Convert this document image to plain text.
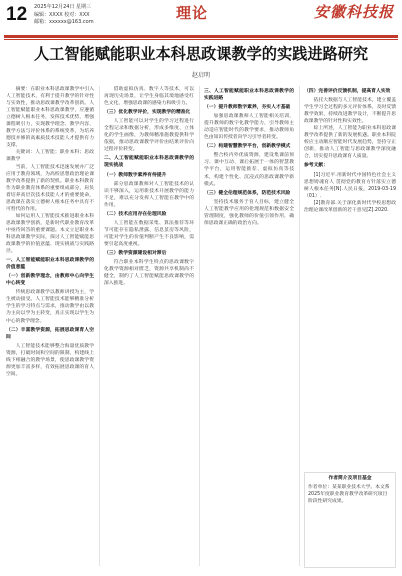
12 2025年12月24日 星期三
编辑：XXXX 校对：XXX
邮箱：xxxxxx@163.com
理论	安徽科技报
人工智能赋能职业本科思政课教学的实践进路研究
赵启明

摘要：在职业本科思政课教学中引入人工智能技术，有利于提升教学的针对性与实效性，推动思政课教学改革创新。人工智能赋能职业本科思政课教学，应遵循立德树人根本任务，发挥技术优势，增强课程吸引力，实现教学理念、教学内容、教学方法与评价体系的系统变革，为培养德技并修的高素质技术技能人才提供有力支撑。

关键词：人工智能；职业本科；思政课教学

当前，人工智能技术迅速发展并广泛应用于教育领域，为高校思想政治理论课教学改革提供了新的契机。职业本科教育作为职业教育体系的重要组成部分，肩负着培养高层次技术技能人才的重要使命，思政课在落实立德树人根本任务中具有不可替代的作用。

如何运用人工智能技术推进职业本科思政课教学创新，是新时代职业教育改革中亟待回答的重要课题。本文立足职业本科思政课教学实际，探讨人工智能赋能思政课教学的价值意蕴、现实挑战与实践路径。

一、人工智能赋能职业本科思政课教学的价值意蕴

（一）创新教学理念，由教师中心向学生中心转变

传统思政课教学以教师讲授为主，学生被动接受。人工智能技术能够精准分析学生的学习特点与需求，推动教学由以教为主向以学为主转变，真正实现以学生为中心的教学理念。

（二）丰富教学资源，拓展思政课育人空间

人工智能技术能够整合海量优质教学资源，打破时间和空间的限制，构建线上线下相融合的教学场景，使思政课教学资源更加丰富多样，有效拓展思政课的育人空间。

借助虚拟仿真、数字人等技术，可以再现历史场景，让学生身临其境地感受红色文化，增强思政课的感染力和吸引力。

（三）优化教学评价，实现教学的精准化

人工智能可以对学生的学习过程进行全程记录和数据分析，形成多维度、立体化的学生画像，为教师精准施教提供科学依据，推动思政课教学评价由结果评价向过程评价转变。

二、人工智能赋能职业本科思政课教学的现实挑战

（一）教师数字素养有待提升

部分思政课教师对人工智能技术的认识不够深入，运用新技术开展教学的能力不足，难以充分发挥人工智能在教学中的作用。

（二）技术应用存在伦理风险

人工智能在数据采集、算法推荐等环节可能存在隐私泄露、信息茧房等风险，可能对学生的价值判断产生不良影响，需要引起高度重视。

（三）教学资源建设相对滞后

符合职业本科学生特点的思政课数字化教学资源相对匮乏，资源共享机制尚不健全，制约了人工智能赋能思政课教学的深入推进。

三、人工智能赋能职业本科思政课教学的实践进路

（一）提升教师数字素养，夯实人才基础

加强思政课教师人工智能相关培训，提升教师的数字化教学能力，引导教师主动适应智能时代的教学要求，推动教师角色由知识传授者向学习引导者转变。

（二）构建智慧教学平台，创新教学模式

整合校内外优质资源，建设集课前预习、课中互动、课后拓展于一体的智慧教学平台，运用智能推荐、虚拟仿真等技术，构建个性化、沉浸式的思政课教学新模式。

（三）健全伦理规范体系，防范技术风险

坚持技术服务于育人目标，建立健全人工智能教学应用的伦理规范和数据安全管理制度，强化教师的价值引领作用，确保思政课正确的政治方向。

（四）完善评价反馈机制，提高育人实效

依托大数据与人工智能技术，建立覆盖学生学习全过程的多元评价体系，及时反馈教学效果，持续改进教学设计，不断提升思政课教学的针对性和实效性。

综上所述，人工智能为职业本科思政课教学改革提供了新的发展机遇。职业本科院校应主动顺应智能时代发展趋势，坚持守正创新，推动人工智能与思政课教学深度融合，切实提升思政课育人质量。

参考文献：

[1]习近平.用新时代中国特色社会主义思想铸魂育人 贯彻党的教育方针落实立德树人根本任务[N].人民日报，2019-03-19（01）.

[2]教育部.关于深化新时代学校思想政治理论课改革创新的若干意见[Z].2020.

作者简介及项目基金
作者单位：某某职业技术大学。本文系2025年度职业教育教学改革研究项目阶段性研究成果。
